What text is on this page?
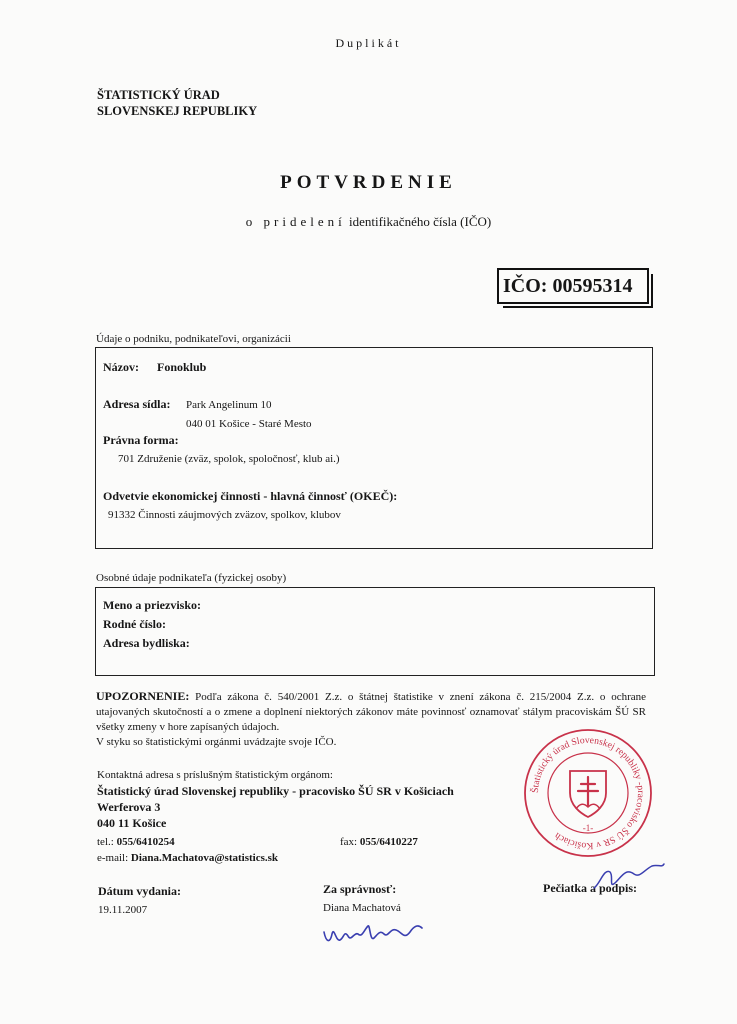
Duplikát
ŠTATISTICKÝ ÚRAD
SLOVENSKEJ REPUBLIKY
POTVRDENIE
o pridelení identifikačného čísla (IČO)
IČO: 00595314
Údaje o podniku, podnikateľovi, organizácii
Názov: Fonoklub
Adresa sídla: Park Angelinum 10
040 01 Košice - Staré Mesto
Právna forma:
701 Združenie (zväz, spolok, spoločnosť, klub ai.)
Odvetvie ekonomickej činnosti - hlavná činnosť (OKEČ):
91332 Činnosti záujmových zväzov, spolkov, klubov
Osobné údaje podnikateľa (fyzickej osoby)
Meno a priezvisko:
Rodné číslo:
Adresa bydliska:
UPOZORNENIE: Podľa zákona č. 540/2001 Z.z. o štátnej štatistike v znení zákona č. 215/2004 Z.z. o ochrane utajovaných skutočností a o zmene a doplnení niektorých zákonov máte povinnosť oznamovať stálym pracoviskám ŠÚ SR všetky zmeny v hore zapísaných údajoch.
V styku so štatistickými orgánmi uvádzajte svoje IČO.
Kontaktná adresa s príslušným štatistickým orgánom:
Štatistický úrad Slovenskej republiky - pracovisko ŠÚ SR v Košiciach
Werferova 3
040 11 Košice
tel.: 055/6410254	fax: 055/6410227
e-mail: Diana.Machatova@statistics.sk
Dátum vydania:
19.11.2007
Za správnosť:
Diana Machatová
Pečiatka a podpis:
Štatistický úrad Slovenskej republiky -pracovisko ŠÚ SR v Košiciach
-1-
